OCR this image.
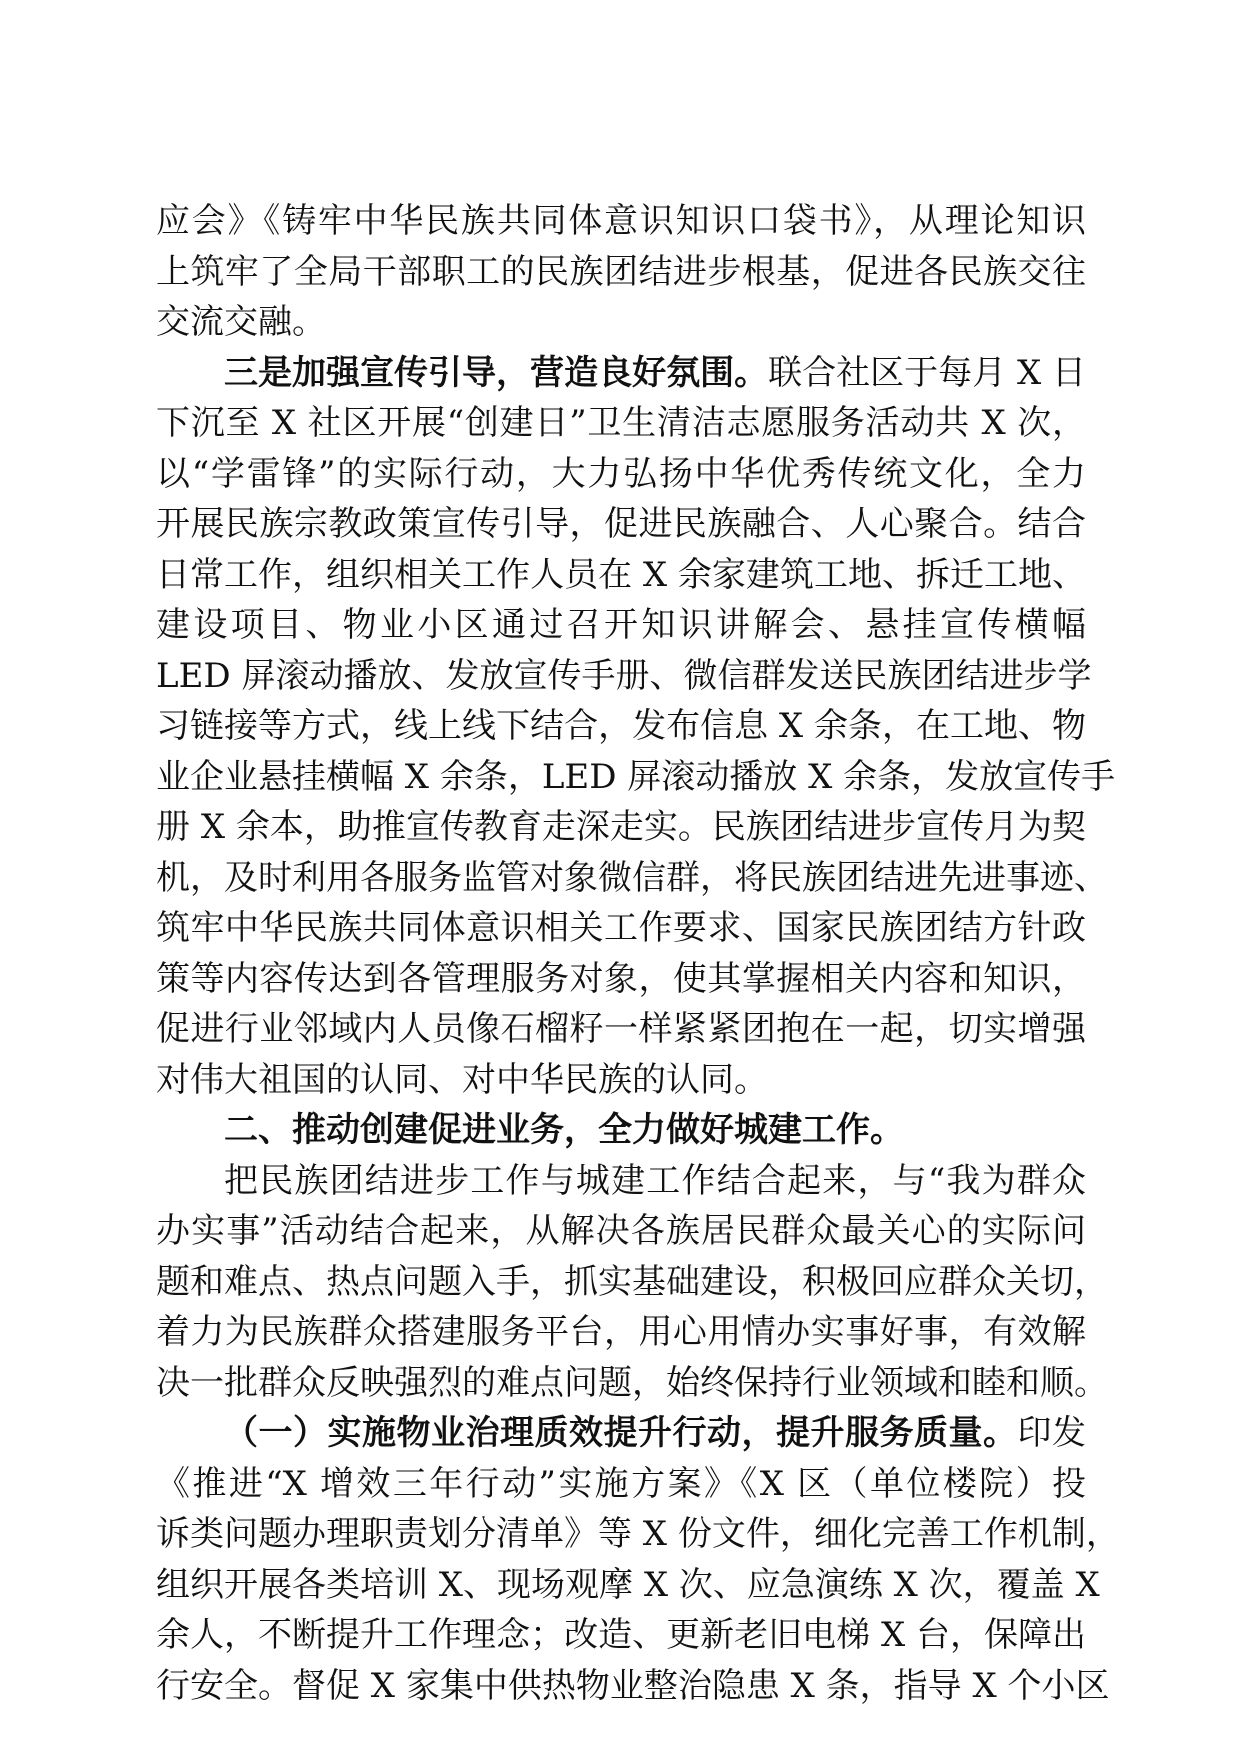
应会》《铸牢中华民族共同体意识知识口袋书》，从理论知识
上筑牢了全局干部职工的民族团结进步根基，促进各民族交往
交流交融。
三是加强宣传引导，营造良好氛围。联合社区于每月 X 日
下沉至 X 社区开展“创建日”卫生清洁志愿服务活动共 X 次，
以“学雷锋”的实际行动，大力弘扬中华优秀传统文化，全力
开展民族宗教政策宣传引导，促进民族融合、人心聚合。结合
日常工作，组织相关工作人员在 X 余家建筑工地、拆迁工地、
建设项目、物业小区通过召开知识讲解会、悬挂宣传横幅
LED 屏滚动播放、发放宣传手册、微信群发送民族团结进步学
习链接等方式，线上线下结合，发布信息 X 余条，在工地、物
业企业悬挂横幅 X 余条，LED 屏滚动播放 X 余条，发放宣传手
册 X 余本，助推宣传教育走深走实。民族团结进步宣传月为契
机，及时利用各服务监管对象微信群，将民族团结进先进事迹、
筑牢中华民族共同体意识相关工作要求、国家民族团结方针政
策等内容传达到各管理服务对象，使其掌握相关内容和知识，
促进行业邻域内人员像石榴籽一样紧紧团抱在一起，切实增强
对伟大祖国的认同、对中华民族的认同。
二、推动创建促进业务，全力做好城建工作。
把民族团结进步工作与城建工作结合起来，与“我为群众
办实事”活动结合起来，从解决各族居民群众最关心的实际问
题和难点、热点问题入手，抓实基础建设，积极回应群众关切，
着力为民族群众搭建服务平台，用心用情办实事好事，有效解
决一批群众反映强烈的难点问题，始终保持行业领域和睦和顺。
（一）实施物业治理质效提升行动，提升服务质量。印发
《推进“X 增效三年行动”实施方案》《X 区（单位楼院）投
诉类问题办理职责划分清单》等 X 份文件，细化完善工作机制，
组织开展各类培训 X、现场观摩 X 次、应急演练 X 次，覆盖 X
余人，不断提升工作理念；改造、更新老旧电梯 X 台，保障出
行安全。督促 X 家集中供热物业整治隐患 X 条，指导 X 个小区
